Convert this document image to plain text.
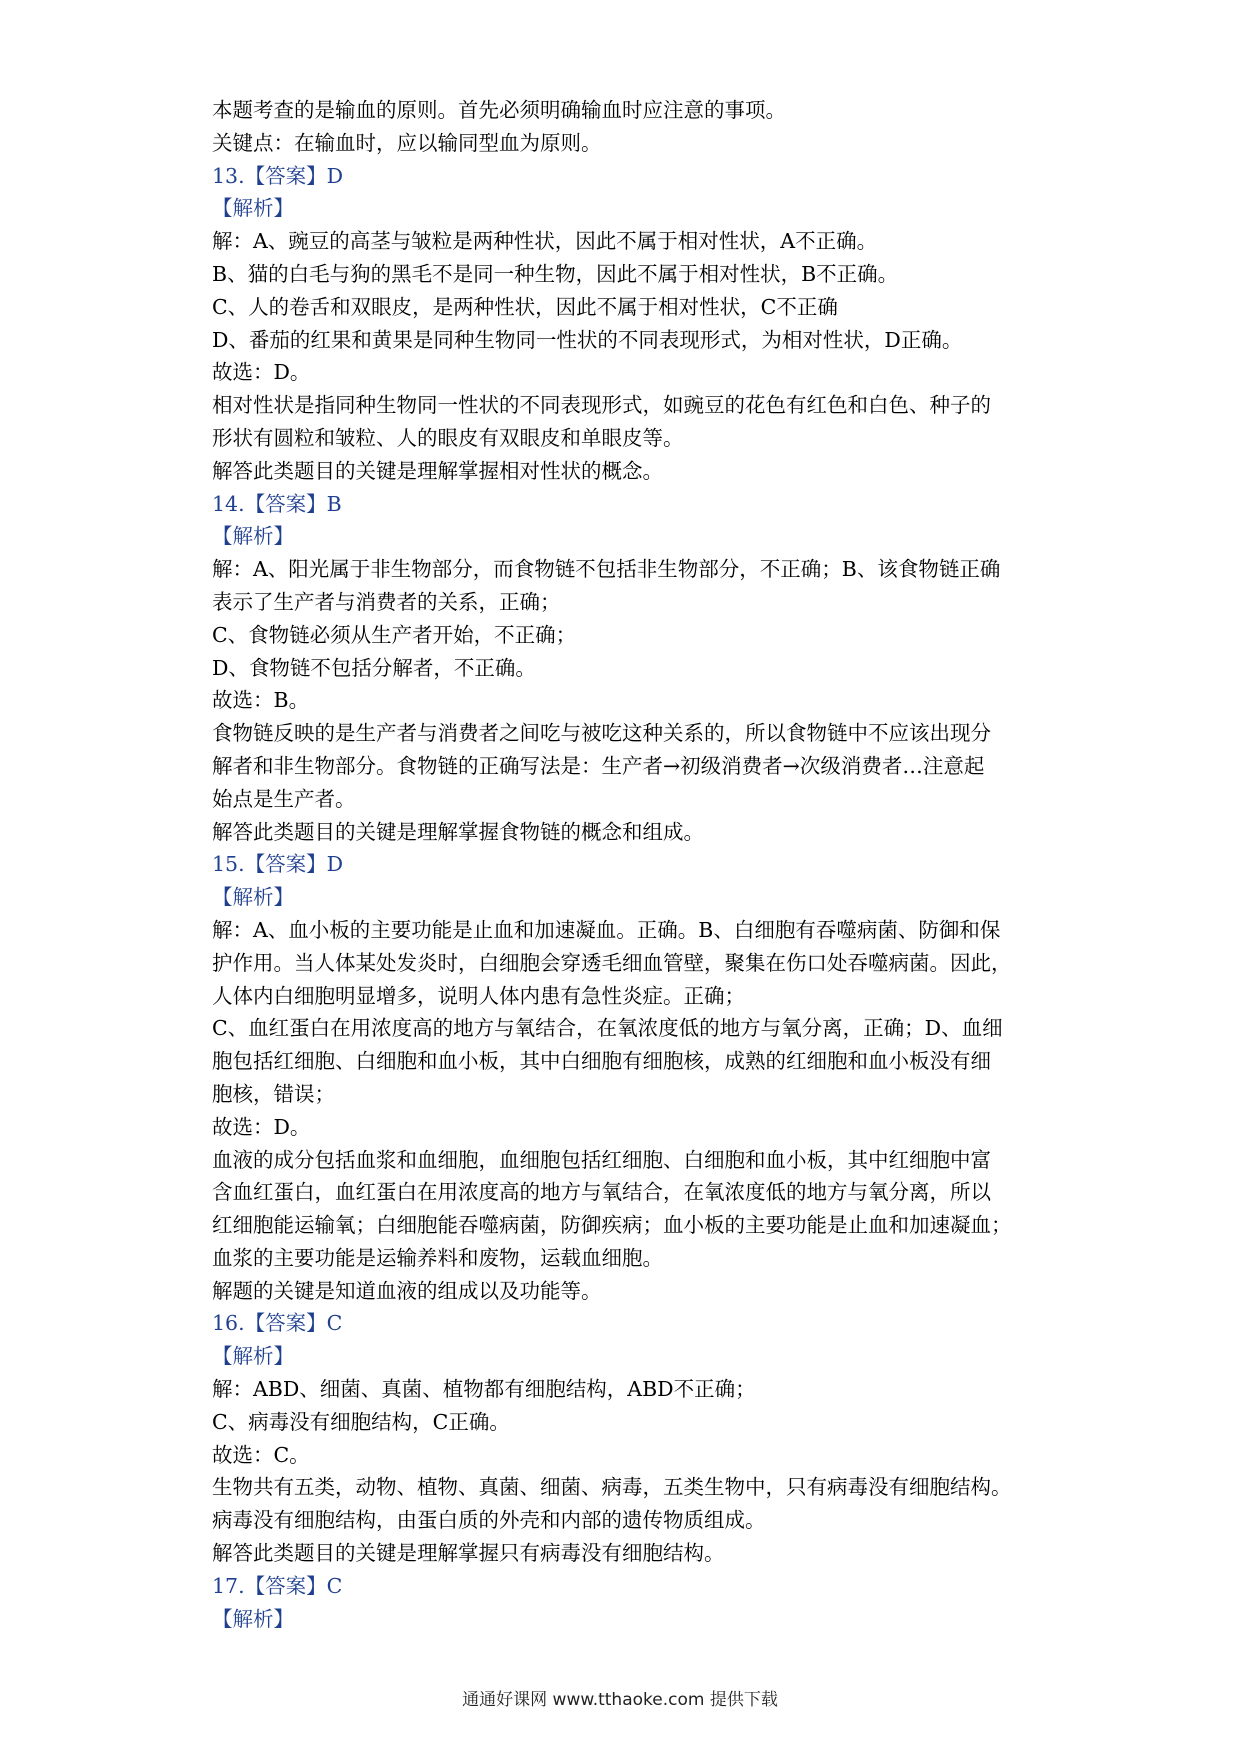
本题考查的是输血的原则。首先必须明确输血时应注意的事项。
关键点：在输血时，应以输同型血为原则。
13.【答案】D
【解析】
解：A、豌豆的高茎与皱粒是两种性状，因此不属于相对性状，A不正确。
B、猫的白毛与狗的黑毛不是同一种生物，因此不属于相对性状，B不正确。
C、人的卷舌和双眼皮，是两种性状，因此不属于相对性状，C不正确
D、番茄的红果和黄果是同种生物同一性状的不同表现形式，为相对性状，D正确。
故选：D。
相对性状是指同种生物同一性状的不同表现形式，如豌豆的花色有红色和白色、种子的
形状有圆粒和皱粒、人的眼皮有双眼皮和单眼皮等。
解答此类题目的关键是理解掌握相对性状的概念。
14.【答案】B
【解析】
解：A、阳光属于非生物部分，而食物链不包括非生物部分，不正确；B、该食物链正确
表示了生产者与消费者的关系，正确；
C、食物链必须从生产者开始，不正确；
D、食物链不包括分解者，不正确。
故选：B。
食物链反映的是生产者与消费者之间吃与被吃这种关系的，所以食物链中不应该出现分
解者和非生物部分。食物链的正确写法是：生产者→初级消费者→次级消费者…注意起
始点是生产者。
解答此类题目的关键是理解掌握食物链的概念和组成。
15.【答案】D
【解析】
解：A、血小板的主要功能是止血和加速凝血。正确。B、白细胞有吞噬病菌、防御和保
护作用。当人体某处发炎时，白细胞会穿透毛细血管壁，聚集在伤口处吞噬病菌。因此，
人体内白细胞明显增多，说明人体内患有急性炎症。正确；
C、血红蛋白在用浓度高的地方与氧结合，在氧浓度低的地方与氧分离，正确；D、血细
胞包括红细胞、白细胞和血小板，其中白细胞有细胞核，成熟的红细胞和血小板没有细
胞核，错误；
故选：D。
血液的成分包括血浆和血细胞，血细胞包括红细胞、白细胞和血小板，其中红细胞中富
含血红蛋白，血红蛋白在用浓度高的地方与氧结合，在氧浓度低的地方与氧分离，所以
红细胞能运输氧；白细胞能吞噬病菌，防御疾病；血小板的主要功能是止血和加速凝血；
血浆的主要功能是运输养料和废物，运载血细胞。
解题的关键是知道血液的组成以及功能等。
16.【答案】C
【解析】
解：ABD、细菌、真菌、植物都有细胞结构，ABD不正确；
C、病毒没有细胞结构，C正确。
故选：C。
生物共有五类，动物、植物、真菌、细菌、病毒，五类生物中，只有病毒没有细胞结构。
病毒没有细胞结构，由蛋白质的外壳和内部的遗传物质组成。
解答此类题目的关键是理解掌握只有病毒没有细胞结构。
17.【答案】C
【解析】
通通好课网 www.tthaoke.com 提供下载
